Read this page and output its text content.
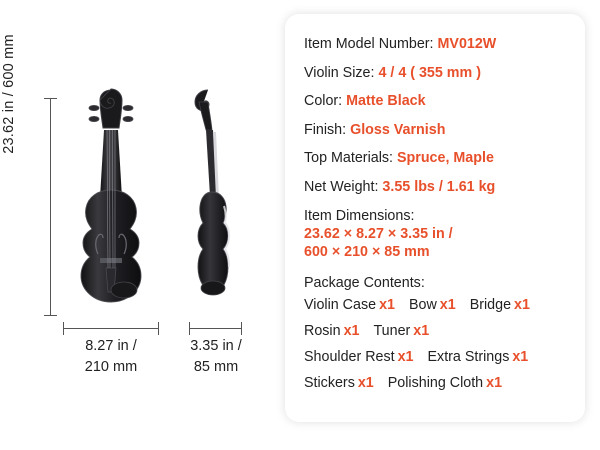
23.62 in / 600 mm
8.27 in /
210 mm
3.35 in /
85 mm
Item Model Number: MV012W
Violin Size: 4 / 4 ( 355 mm )
Color: Matte Black
Finish: Gloss Varnish
Top Materials: Spruce, Maple
Net Weight: 3.55 lbs / 1.61 kg
Item Dimensions:
23.62 × 8.27 × 3.35 in /
600 × 210 × 85 mm
Package Contents:
Violin Case x1 Bow x1 Bridge x1
Rosin x1 Tuner x1
Shoulder Rest x1 Extra Strings x1
Stickers x1 Polishing Cloth x1
